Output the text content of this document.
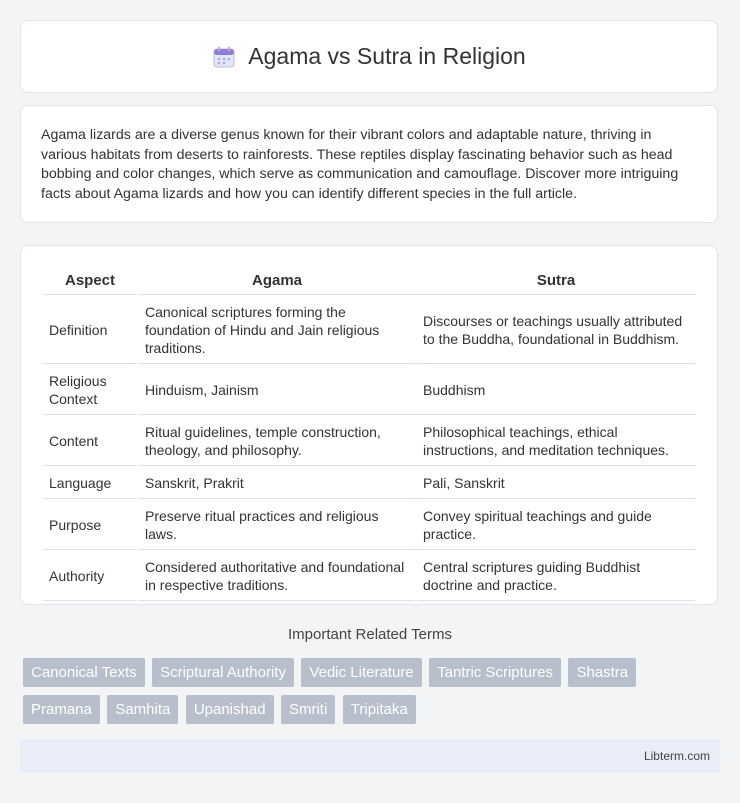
Agama vs Sutra in Religion

Agama lizards are a diverse genus known for their vibrant colors and adaptable nature, thriving in various habitats from deserts to rainforests. These reptiles display fascinating behavior such as head bobbing and color changes, which serve as communication and camouflage. Discover more intriguing facts about Agama lizards and how you can identify different species in the full article.

Aspect	Agama	Sutra
Definition	Canonical scriptures forming the foundation of Hindu and Jain religious traditions.	Discourses or teachings usually attributed to the Buddha, foundational in Buddhism.
Religious Context	Hinduism, Jainism	Buddhism
Content	Ritual guidelines, temple construction, theology, and philosophy.	Philosophical teachings, ethical instructions, and meditation techniques.
Language	Sanskrit, Prakrit	Pali, Sanskrit
Purpose	Preserve ritual practices and religious laws.	Convey spiritual teachings and guide practice.
Authority	Considered authoritative and foundational in respective traditions.	Central scriptures guiding Buddhist doctrine and practice.
Important Related Terms
Canonical Texts Scriptural Authority Vedic Literature Tantric Scriptures Shastra
Pramana Samhita Upanishad Smriti Tripitaka
Libterm.com
